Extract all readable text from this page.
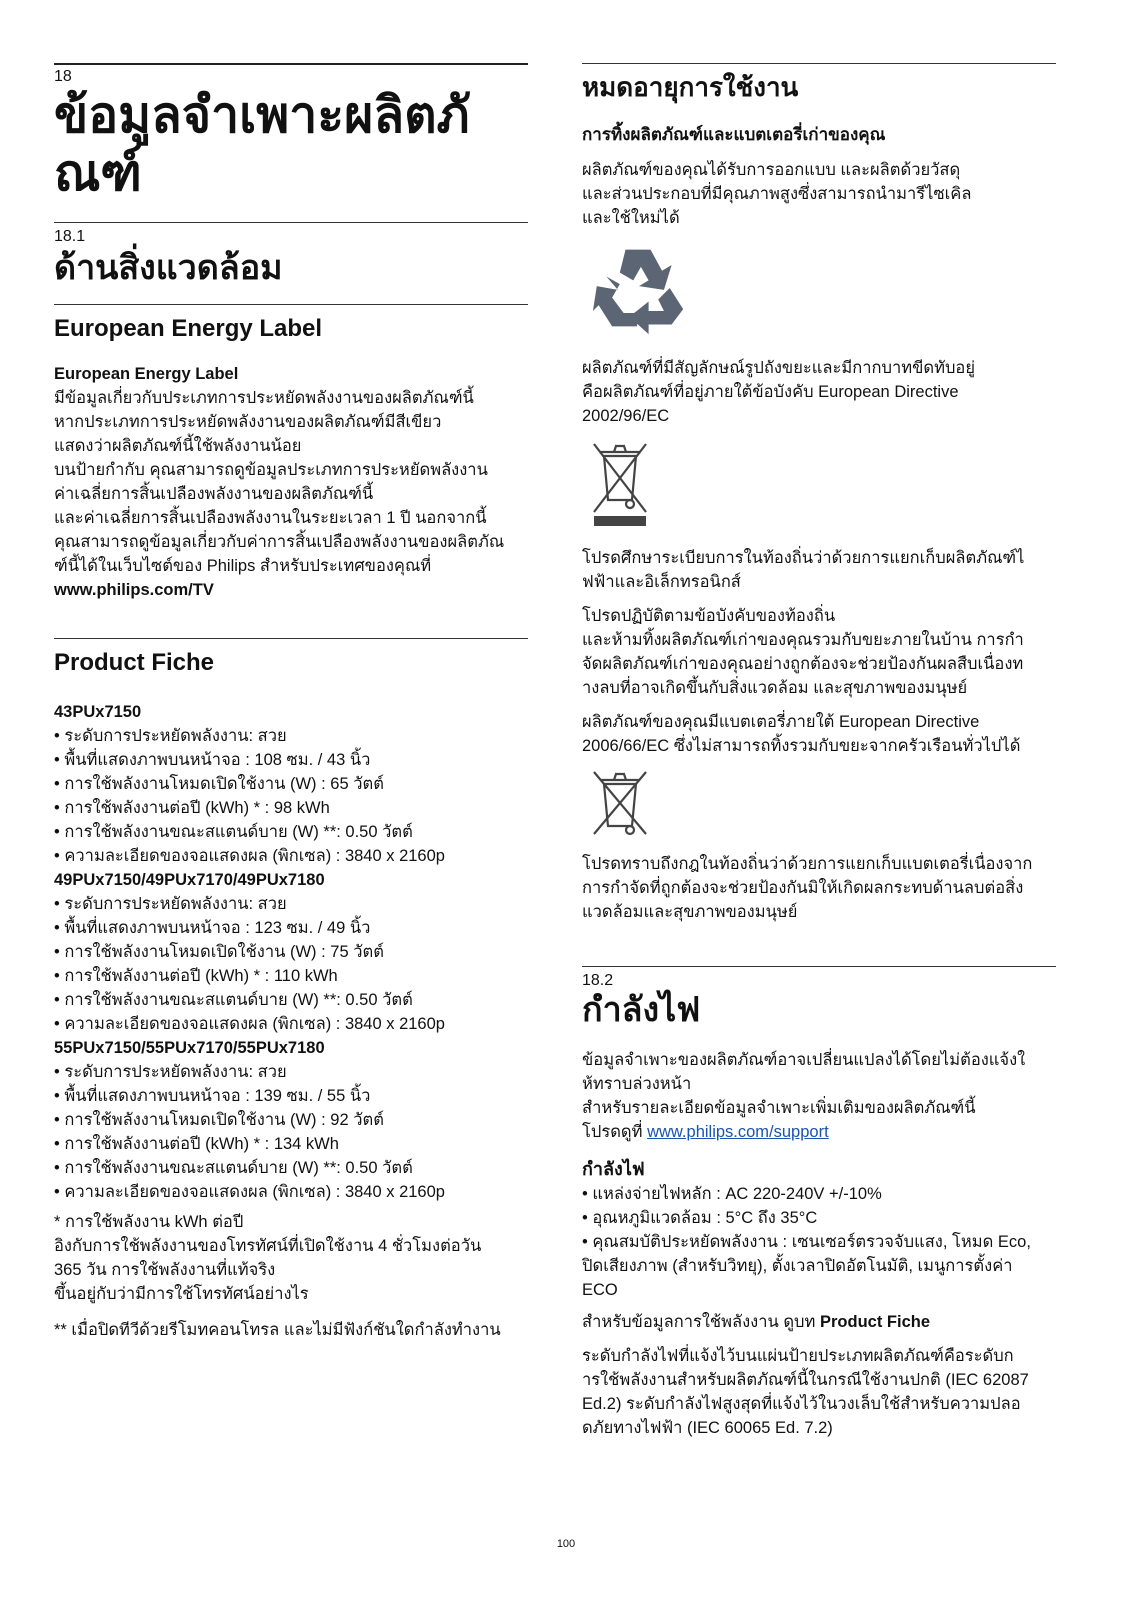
18
ข้อมูลจำเพาะผลิตภั
ณฑ์
18.1
ด้านสิ่งแวดล้อม
European Energy Label
European Energy Label
มีข้อมูลเกี่ยวกับประเภทการประหยัดพลังงานของผลิตภัณฑ์นี้
หากประเภทการประหยัดพลังงานของผลิตภัณฑ์มีสีเขียว
แสดงว่าผลิตภัณฑ์นี้ใช้พลังงานน้อย
บนป้ายกำกับ คุณสามารถดูข้อมูลประเภทการประหยัดพลังงาน
ค่าเฉลี่ยการสิ้นเปลืองพลังงานของผลิตภัณฑ์นี้
และค่าเฉลี่ยการสิ้นเปลืองพลังงานในระยะเวลา 1 ปี นอกจากนี้
คุณสามารถดูข้อมูลเกี่ยวกับค่าการสิ้นเปลืองพลังงานของผลิตภัณ
ฑ์นี้ได้ในเว็บไซต์ของ Philips สำหรับประเทศของคุณที่
www.philips.com/TV
Product Fiche
43PUx7150
• ระดับการประหยัดพลังงาน: สวย
• พื้นที่แสดงภาพบนหน้าจอ : 108 ซม. / 43 นิ้ว
• การใช้พลังงานโหมดเปิดใช้งาน (W) : 65 วัตต์
• การใช้พลังงานต่อปี (kWh) * : 98 kWh
• การใช้พลังงานขณะสแตนด์บาย (W) **: 0.50 วัตต์
• ความละเอียดของจอแสดงผล (พิกเซล) : 3840 x 2160p
49PUx7150/49PUx7170/49PUx7180
• ระดับการประหยัดพลังงาน: สวย
• พื้นที่แสดงภาพบนหน้าจอ : 123 ซม. / 49 นิ้ว
• การใช้พลังงานโหมดเปิดใช้งาน (W) : 75 วัตต์
• การใช้พลังงานต่อปี (kWh) * : 110 kWh
• การใช้พลังงานขณะสแตนด์บาย (W) **: 0.50 วัตต์
• ความละเอียดของจอแสดงผล (พิกเซล) : 3840 x 2160p
55PUx7150/55PUx7170/55PUx7180
• ระดับการประหยัดพลังงาน: สวย
• พื้นที่แสดงภาพบนหน้าจอ : 139 ซม. / 55 นิ้ว
• การใช้พลังงานโหมดเปิดใช้งาน (W) : 92 วัตต์
• การใช้พลังงานต่อปี (kWh) * : 134 kWh
• การใช้พลังงานขณะสแตนด์บาย (W) **: 0.50 วัตต์
• ความละเอียดของจอแสดงผล (พิกเซล) : 3840 x 2160p
* การใช้พลังงาน kWh ต่อปี
อิงกับการใช้พลังงานของโทรทัศน์ที่เปิดใช้งาน 4 ชั่วโมงต่อวัน
365 วัน การใช้พลังงานที่แท้จริง
ขึ้นอยู่กับว่ามีการใช้โทรทัศน์อย่างไร
** เมื่อปิดทีวีด้วยรีโมทคอนโทรล และไม่มีฟังก์ชันใดกำลังทำงาน
หมดอายุการใช้งาน
การทิ้งผลิตภัณฑ์และแบตเตอรี่เก่าของคุณ
ผลิตภัณฑ์ของคุณได้รับการออกแบบ และผลิตด้วยวัสดุ
และส่วนประกอบที่มีคุณภาพสูงซึ่งสามารถนำมารีไซเคิล
และใช้ใหม่ได้
ผลิตภัณฑ์ที่มีสัญลักษณ์รูปถังขยะและมีกากบาทขีดทับอยู่
คือผลิตภัณฑ์ที่อยู่ภายใต้ข้อบังคับ European Directive
2002/96/EC
โปรดศึกษาระเบียบการในท้องถิ่นว่าด้วยการแยกเก็บผลิตภัณฑ์ไ
ฟฟ้าและอิเล็กทรอนิกส์
โปรดปฏิบัติตามข้อบังคับของท้องถิ่น
และห้ามทิ้งผลิตภัณฑ์เก่าของคุณรวมกับขยะภายในบ้าน การกำ
จัดผลิตภัณฑ์เก่าของคุณอย่างถูกต้องจะช่วยป้องกันผลสืบเนื่องท
างลบที่อาจเกิดขึ้นกับสิ่งแวดล้อม และสุขภาพของมนุษย์
ผลิตภัณฑ์ของคุณมีแบตเตอรี่ภายใต้ European Directive
2006/66/EC ซึ่งไม่สามารถทิ้งรวมกับขยะจากครัวเรือนทั่วไปได้
โปรดทราบถึงกฎในท้องถิ่นว่าด้วยการแยกเก็บแบตเตอรี่เนื่องจาก
การกำจัดที่ถูกต้องจะช่วยป้องกันมิให้เกิดผลกระทบด้านลบต่อสิ่ง
แวดล้อมและสุขภาพของมนุษย์
18.2
กำลังไฟ
ข้อมูลจำเพาะของผลิตภัณฑ์อาจเปลี่ยนแปลงได้โดยไม่ต้องแจ้งใ
ห้ทราบล่วงหน้า
สำหรับรายละเอียดข้อมูลจำเพาะเพิ่มเติมของผลิตภัณฑ์นี้
โปรดดูที่ www.philips.com/support
กำลังไฟ
• แหล่งจ่ายไฟหลัก : AC 220-240V +/-10%
• อุณหภูมิแวดล้อม : 5°C ถึง 35°C
• คุณสมบัติประหยัดพลังงาน : เซนเซอร์ตรวจจับแสง, โหมด Eco,
ปิดเสียงภาพ (สำหรับวิทยุ), ตั้งเวลาปิดอัตโนมัติ, เมนูการตั้งค่า
ECO
สำหรับข้อมูลการใช้พลังงาน ดูบท Product Fiche
ระดับกำลังไฟที่แจ้งไว้บนแผ่นป้ายประเภทผลิตภัณฑ์คือระดับก
ารใช้พลังงานสำหรับผลิตภัณฑ์นี้ในกรณีใช้งานปกติ (IEC 62087
Ed.2) ระดับกำลังไฟสูงสุดที่แจ้งไว้ในวงเล็บใช้สำหรับความปลอ
ดภัยทางไฟฟ้า (IEC 60065 Ed. 7.2)
100
